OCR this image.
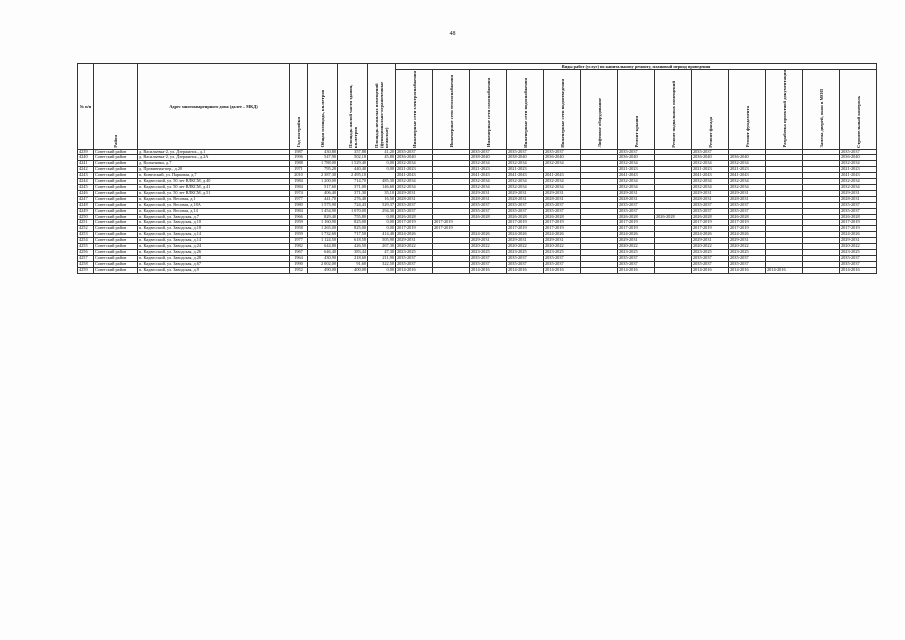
48
№ п/п	Район	Адрес многоквартирного дома (далее – МКД)	Год постройки	Общая площадь, кв.метров	Площадь жилой части здания, кв.метров	Площадь нежилых помещений (функционально-ограниченные нежилые)	Виды работ (услуг) по капитальному ремонту, плановый период проведения												
							Инженерные сети электроснабжения	Инженерные сети теплоснабжения	Инженерные сети газоснабжения	Инженерные сети водоснабжения	Инженерные сети водоотведения	Лифтовое оборудование	Ремонт крыши	Ремонт подвальных помещений	Ремонт фасада	Ремонт фундамента	Разработка проектной документации	Замена дверей, окон в МОП	Строительный контроль
4239	Советский район	д. Васильевка-2, ул. Дзержинск., д.1	1987	430,80	357,88	41,20	2035-2037		2035-2037	2035-2037	2035-2037		2035-2037		2035-2037				2035-2037
4240	Советский район	д. Васильевка-2, ул. Дзержинск., д.2А	1996	547,90	502,18	45,80	2036-2040		2038-2040	2038-2040	2036-2040		2036-2040		2036-2040	2036-2040			2036-2040
4241	Советский район	д. Волынянка, д.7	1988	1 788,00	1 529,40	0,00	2032-2034		2032-2034	2032-2034	2032-2034		2032-2034		2032-2034	2032-2034			2032-2034
4242	Советский район	д. Провинная-пер., д.20	1971	795,20	440,40	0,00	2021-2023		2021-2023	2021-2023			2021-2023		2021-2023	2021-2023			2021-2023
4243	Советский район	п. Кинелский, ул. Парковая, д.7	2010	2 387,30	2 495,10		2041-2043		2041-2043	2041-2043	2041-2043		2041-2043		2041-2043	2041-2043			2041-2043
4244	Советский район	п. Кадвесский, ул. 50 лет ВЛКСМ, д.40	1984	1 200,00	714,70	485,30	2032-2034		2032-2034	2032-2034	2032-2034		2032-2034		2032-2034	2032-2034			2032-2034
4245	Советский район	п. Кадвесский, ул. 50 лет ВЛКСМ, д.41	1984	517,60	371,00	146,60	2032-2034		2032-2034	2032-2034	2032-2034		2032-2034		2032-2034	2032-2034			2032-2034
4246	Советский район	п. Кадвесский, ул. 50 лет ВЛКСМ, д.51	1974	406,40	371,30	35,10	2029-2031		2029-2031	2029-2031	2029-2031		2029-2031		2029-2031	2029-2031			2029-2031
4247	Советский район	п. Кадвесский, ул. Весовая, д.1	1977	441,70	276,40	16,50	2028-2031		2028-2031	2028-2031	2028-2031		2028-2031		2028-2031	2028-2031			2028-2031
4248	Советский район	п. Кадвесский, ул. Весовая, д.18А	1980	1 575,90	724,43	529,37	2035-2037		2035-2037	2035-2037	2035-2037		2035-2037		2035-2037	2035-2037			2035-2037
4249	Советский район	п. Кадвесский, ул. Весовая, д.14	1984	1 454,90	1 070,00	294,30	2035-2037		2035-2037	2035-2037	2035-2037		2035-2037		2035-2037	2035-2037			2035-2037
4250	Советский район	п. Кадвесский, ул. Заводская, д.7	1966	829,40	755,80	0,00	2026-2028		2026-2028	2026-2028	2026-2028		2026-2028	2026-2028	2026-2028	2026-2028			2026-2028
4251	Советский район	п. Кадвесский, ул. Заводская, д.10	1959	1 160,90	825,00	0,00	2017-2019	2017-2019		2017-2019	2017-2019		2017-2019		2017-2019	2017-2019			2017-2019
4252	Советский район	п. Кадвесский, ул. Заводская, д.18	1958	1 265,00	825,00	0,00	2017-2019	2017-2019		2017-2019	2017-2019		2017-2019		2017-2019	2017-2019			2017-2019
4253	Советский район	п. Кадвесский, ул. Заводская, д.14	1959	1 732,60	717,50	414,40	2024-2026		2024-2026	2024-2026	2024-2026		2024-2026		2024-2026	2024-2026			2024-2026
4254	Советский район	п. Кадвесский, ул. Заводская, д.14	1977	1 124,50	618,58	505,90	2029-2031		2029-2031	2029-2031	2029-2031		2029-2031		2029-2031	2029-2031			2029-2031
4255	Советский район	п. Кадвесский, ул. Заводская, д.24	1982	644,80	426,50	267,30	2020-2022		2020-2022	2020-2022	2020-2022		2020-2022		2020-2022	2020-2022			2020-2022
4256	Советский район	п. Кадвесский, ул. Заводская, д.26	1967	646,40	383,44	47,30	2023-2025		2023-2025	2023-2025	2023-2025		2023-2025		2023-2025	2023-2025			2023-2025
4257	Советский район	п. Кадвесский, ул. Заводская, д.28	1964	430,90	218,60	211,90	2035-2037		2035-2037	2035-2037	2035-2037		2035-2037		2035-2037	2035-2037			2035-2037
4258	Советский район	п. Кадвесский, ул. Заводская, д.67	1990	2 002,00	91,60	322,50	2035-2037		2035-2037	2035-2037	2035-2037		2035-2037		2035-2037	2035-2037			2035-2037
4259	Советский район	п. Кадвесский, ул. Заводская, д.9	1952	490,00	400,00	0,00	2014-2016		2014-2016	2014-2016	2014-2016		2014-2016		2014-2016	2014-2016	2014-2016		2014-2016
